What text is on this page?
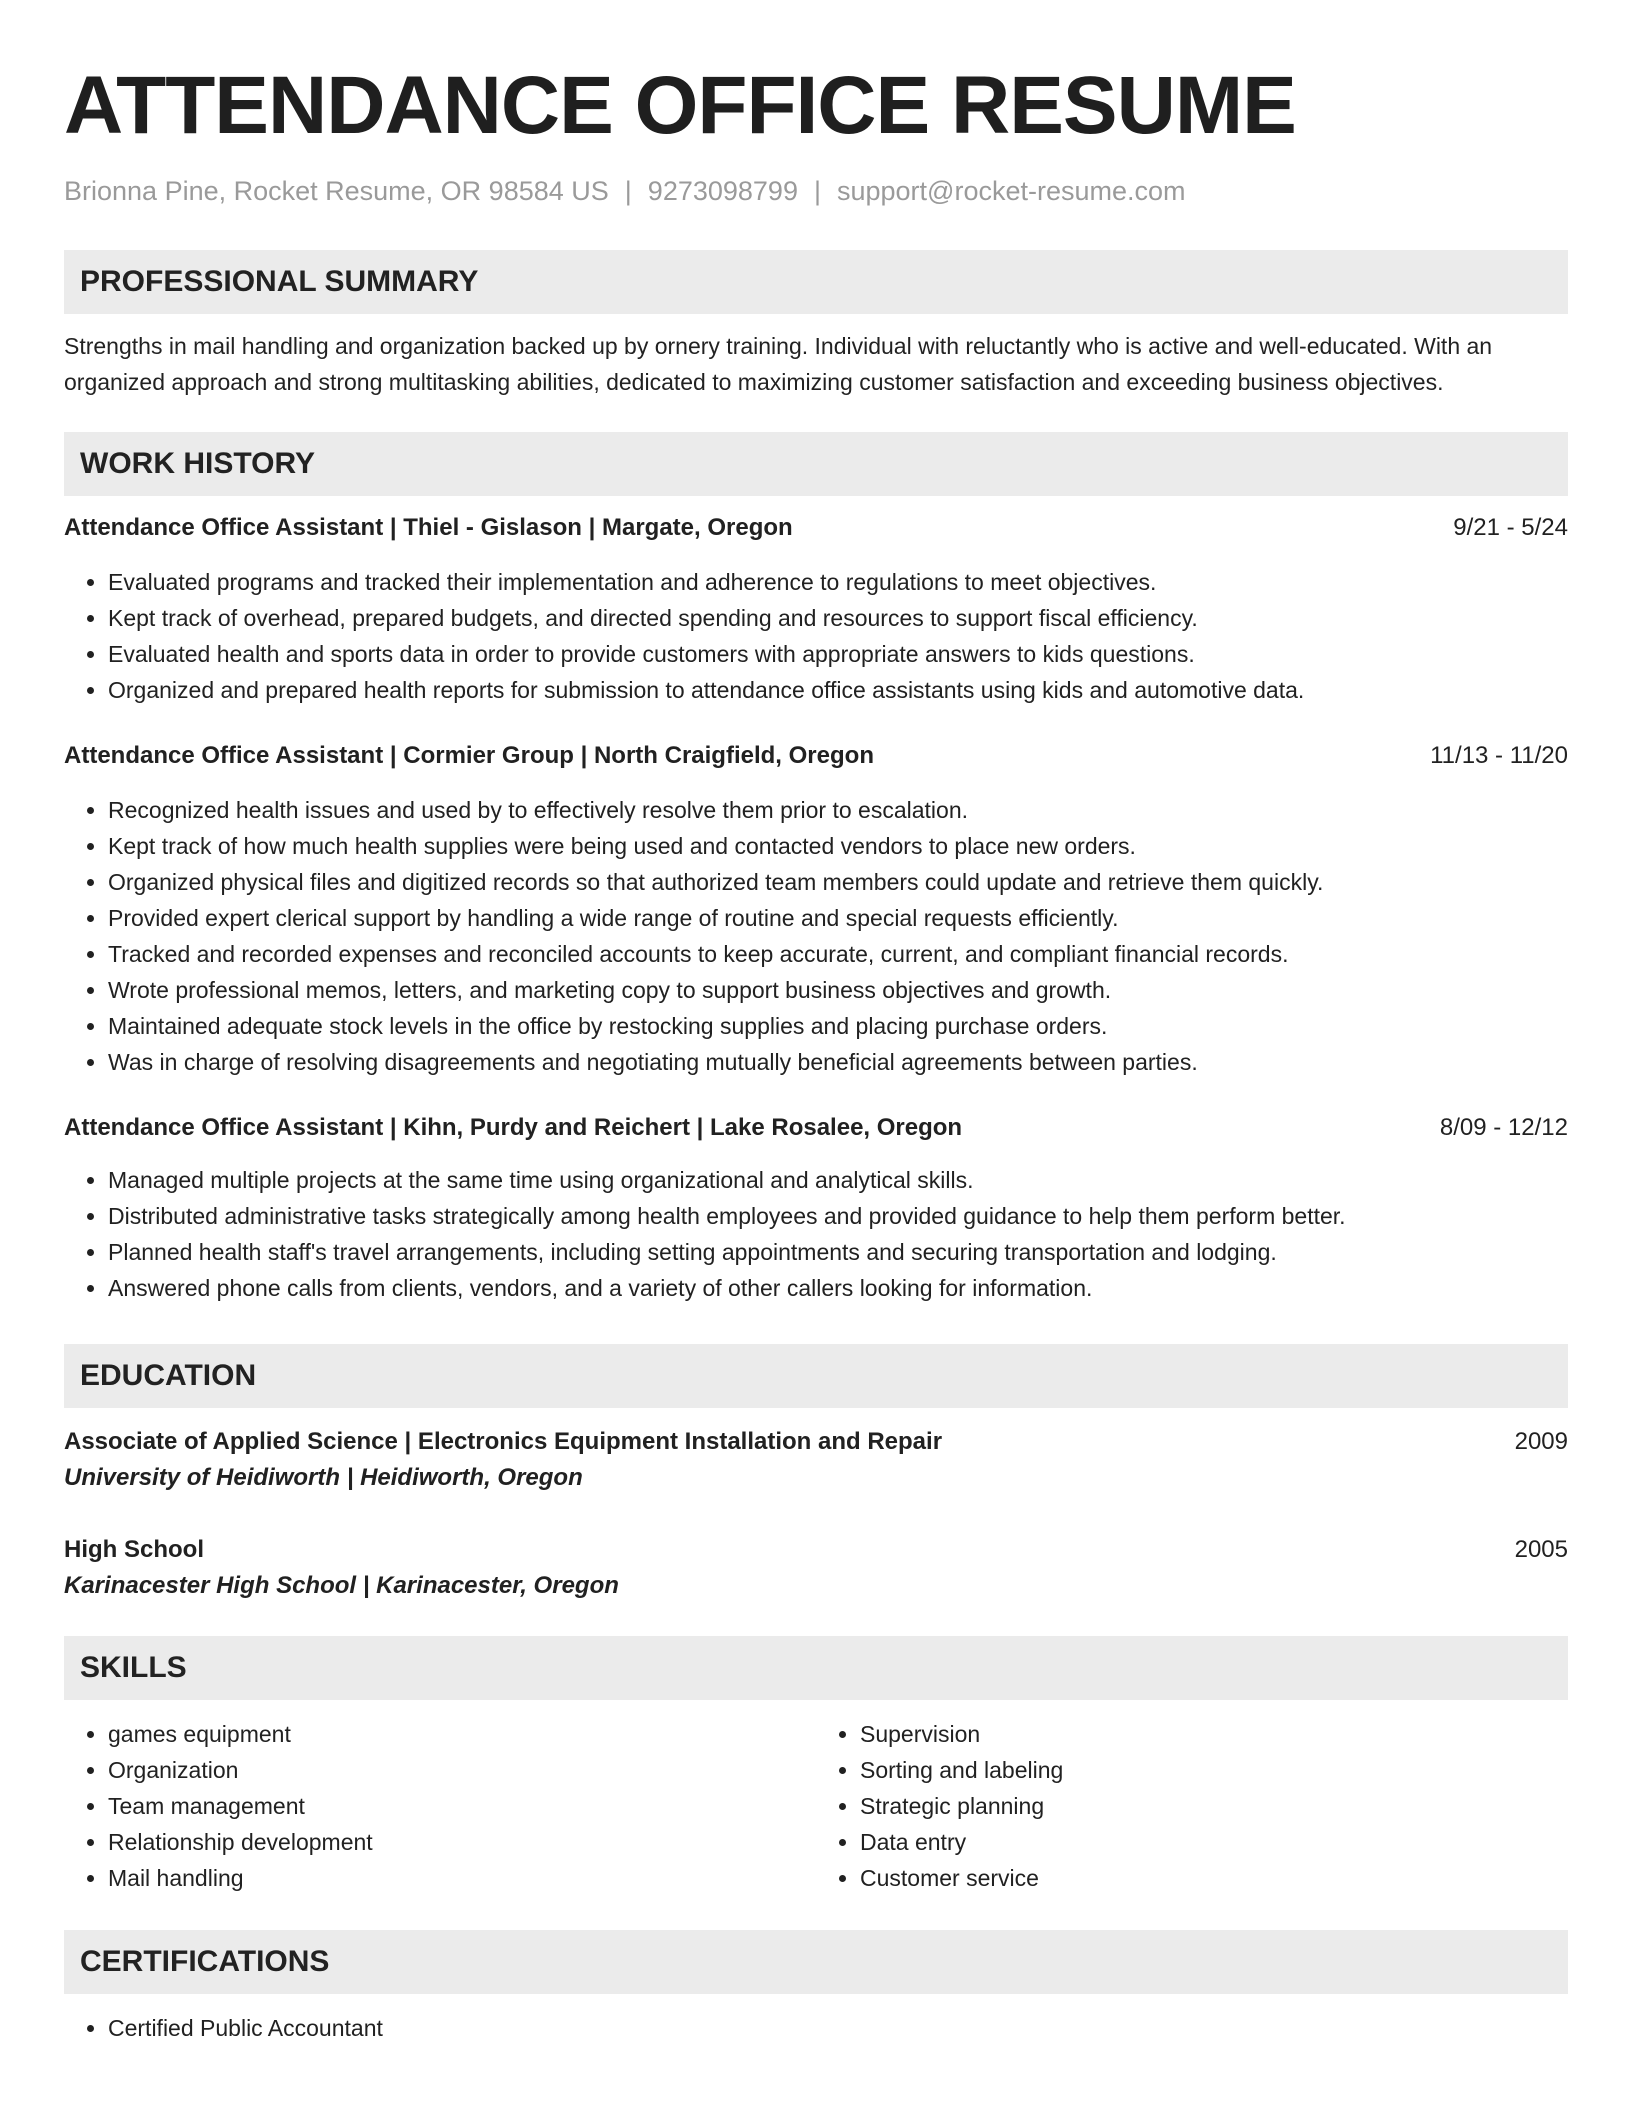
ATTENDANCE OFFICE RESUME
Brionna Pine, Rocket Resume, OR 98584 US | 9273098799 | support@rocket-resume.com
PROFESSIONAL SUMMARY

Strengths in mail handling and organization backed up by ornery training. Individual with reluctantly who is active and well-educated. With an organized approach and strong multitasking abilities, dedicated to maximizing customer satisfaction and exceeding business objectives.

WORK HISTORY
Attendance Office Assistant | Thiel - Gislason | Margate, Oregon	9/21 - 5/24
• Evaluated programs and tracked their implementation and adherence to regulations to meet objectives.
• Kept track of overhead, prepared budgets, and directed spending and resources to support fiscal efficiency.
• Evaluated health and sports data in order to provide customers with appropriate answers to kids questions.
• Organized and prepared health reports for submission to attendance office assistants using kids and automotive data.
Attendance Office Assistant | Cormier Group | North Craigfield, Oregon	11/13 - 11/20
• Recognized health issues and used by to effectively resolve them prior to escalation.
• Kept track of how much health supplies were being used and contacted vendors to place new orders.
• Organized physical files and digitized records so that authorized team members could update and retrieve them quickly.
• Provided expert clerical support by handling a wide range of routine and special requests efficiently.
• Tracked and recorded expenses and reconciled accounts to keep accurate, current, and compliant financial records.
• Wrote professional memos, letters, and marketing copy to support business objectives and growth.
• Maintained adequate stock levels in the office by restocking supplies and placing purchase orders.
• Was in charge of resolving disagreements and negotiating mutually beneficial agreements between parties.
Attendance Office Assistant | Kihn, Purdy and Reichert | Lake Rosalee, Oregon	8/09 - 12/12
• Managed multiple projects at the same time using organizational and analytical skills.
• Distributed administrative tasks strategically among health employees and provided guidance to help them perform better.
• Planned health staff's travel arrangements, including setting appointments and securing transportation and lodging.
• Answered phone calls from clients, vendors, and a variety of other callers looking for information.
EDUCATION
Associate of Applied Science | Electronics Equipment Installation and Repair	2009
University of Heidiworth | Heidiworth, Oregon
High School	2005
Karinacester High School | Karinacester, Oregon
SKILLS
• games equipment
• Organization
• Team management
• Relationship development
• Mail handling
• Supervision
• Sorting and labeling
• Strategic planning
• Data entry
• Customer service
CERTIFICATIONS
• Certified Public Accountant
